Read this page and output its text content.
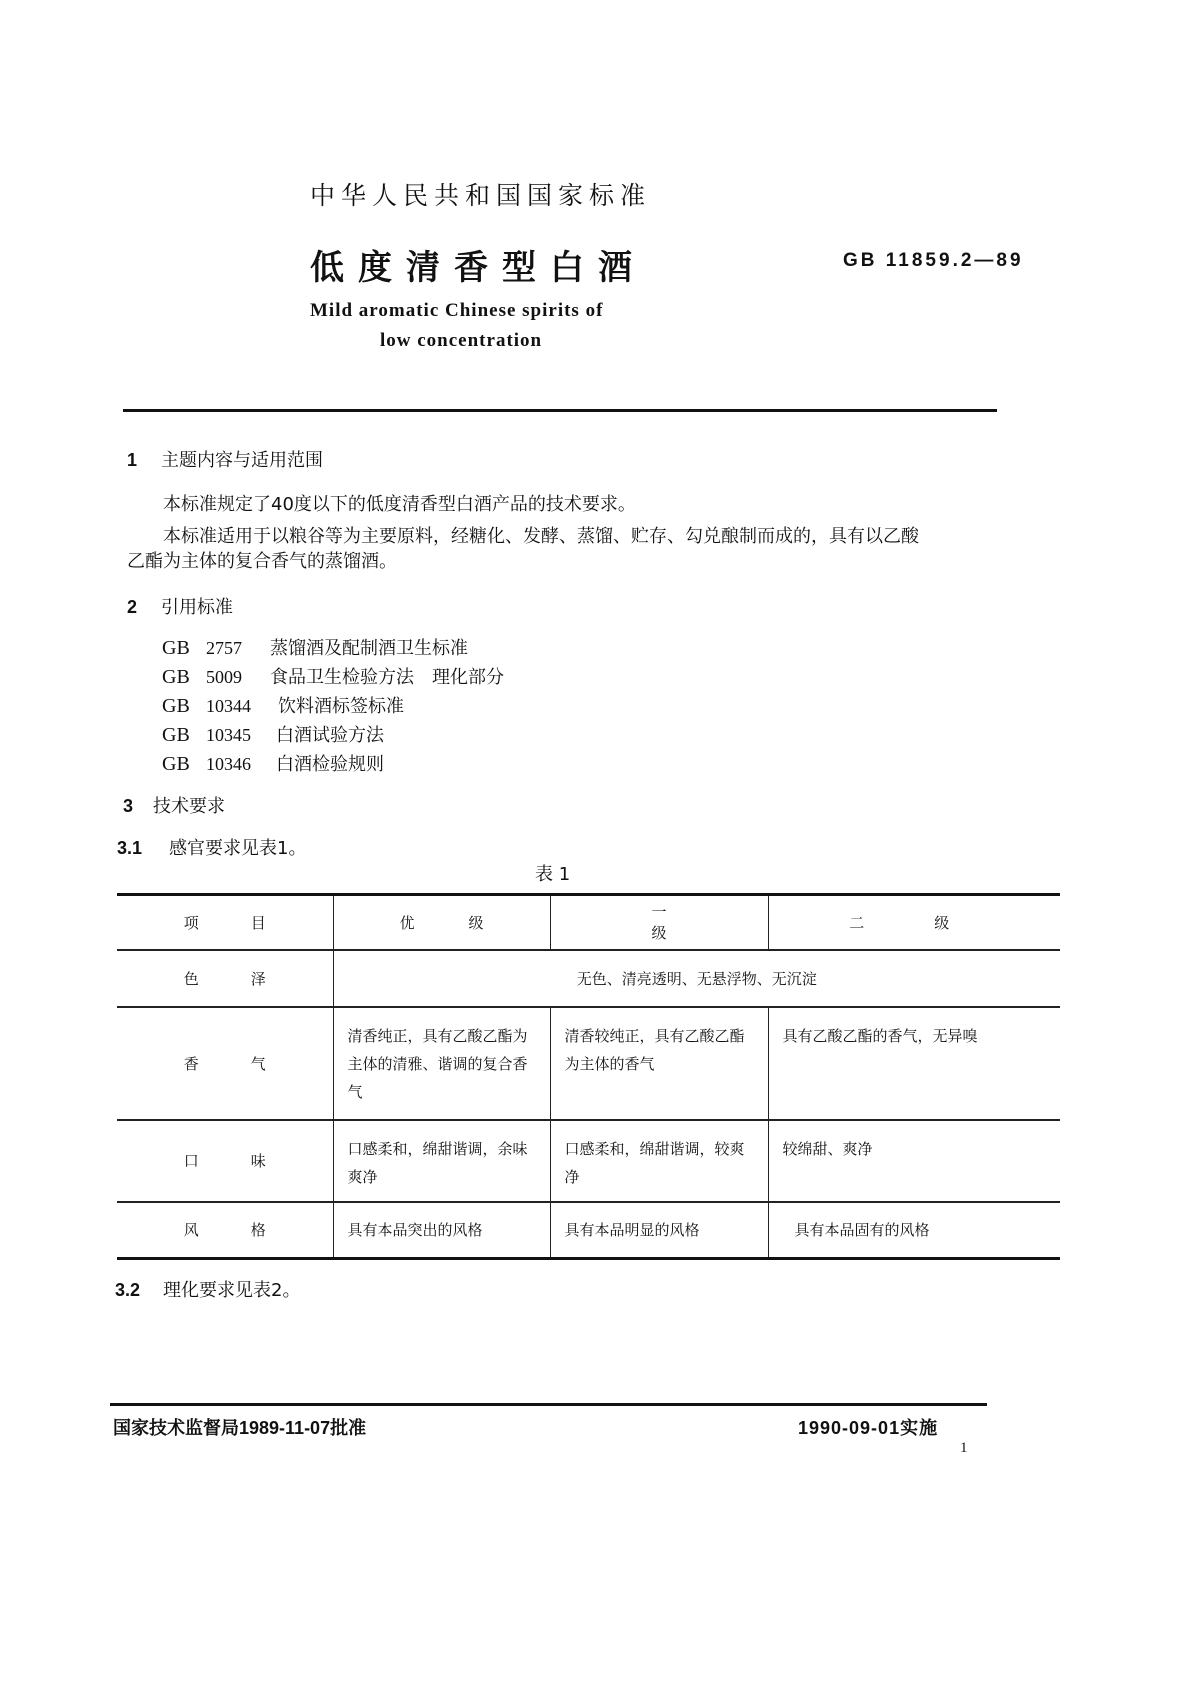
中华人民共和国国家标准
低度清香型白酒	GB 11859.2—89
Mild aromatic Chinese spirits of
low concentration
1 主题内容与适用范围
本标准规定了40度以下的低度清香型白酒产品的技术要求。
本标准适用于以粮谷等为主要原料，经糖化、发酵、蒸馏、贮存、勾兑酿制而成的，具有以乙酸
乙酯为主体的复合香气的蒸馏酒。
2 引用标准
GB 2757 蒸馏酒及配制酒卫生标准
GB 5009 食品卫生检验方法　理化部分
GB 10344 饮料酒标签标准
GB 10345 白酒试验方法
GB 10346 白酒检验规则
3 技术要求
3.1 感官要求见表1。
表 1
项目	优级	一级	二级
色泽	无色、清亮透明、无悬浮物、无沉淀		
香气	清香纯正，具有乙酸乙酯为主体的清雅、谐调的复合香气	清香较纯正，具有乙酸乙酯为主体的香气	具有乙酸乙酯的香气，无异嗅
口味	口感柔和，绵甜谐调，余味爽净	口感柔和，绵甜谐调，较爽净	较绵甜、爽净
风格	具有本品突出的风格	具有本品明显的风格	具有本品固有的风格
3.2 理化要求见表2。
国家技术监督局1989-11-07批准	1990-09-01实施
1
